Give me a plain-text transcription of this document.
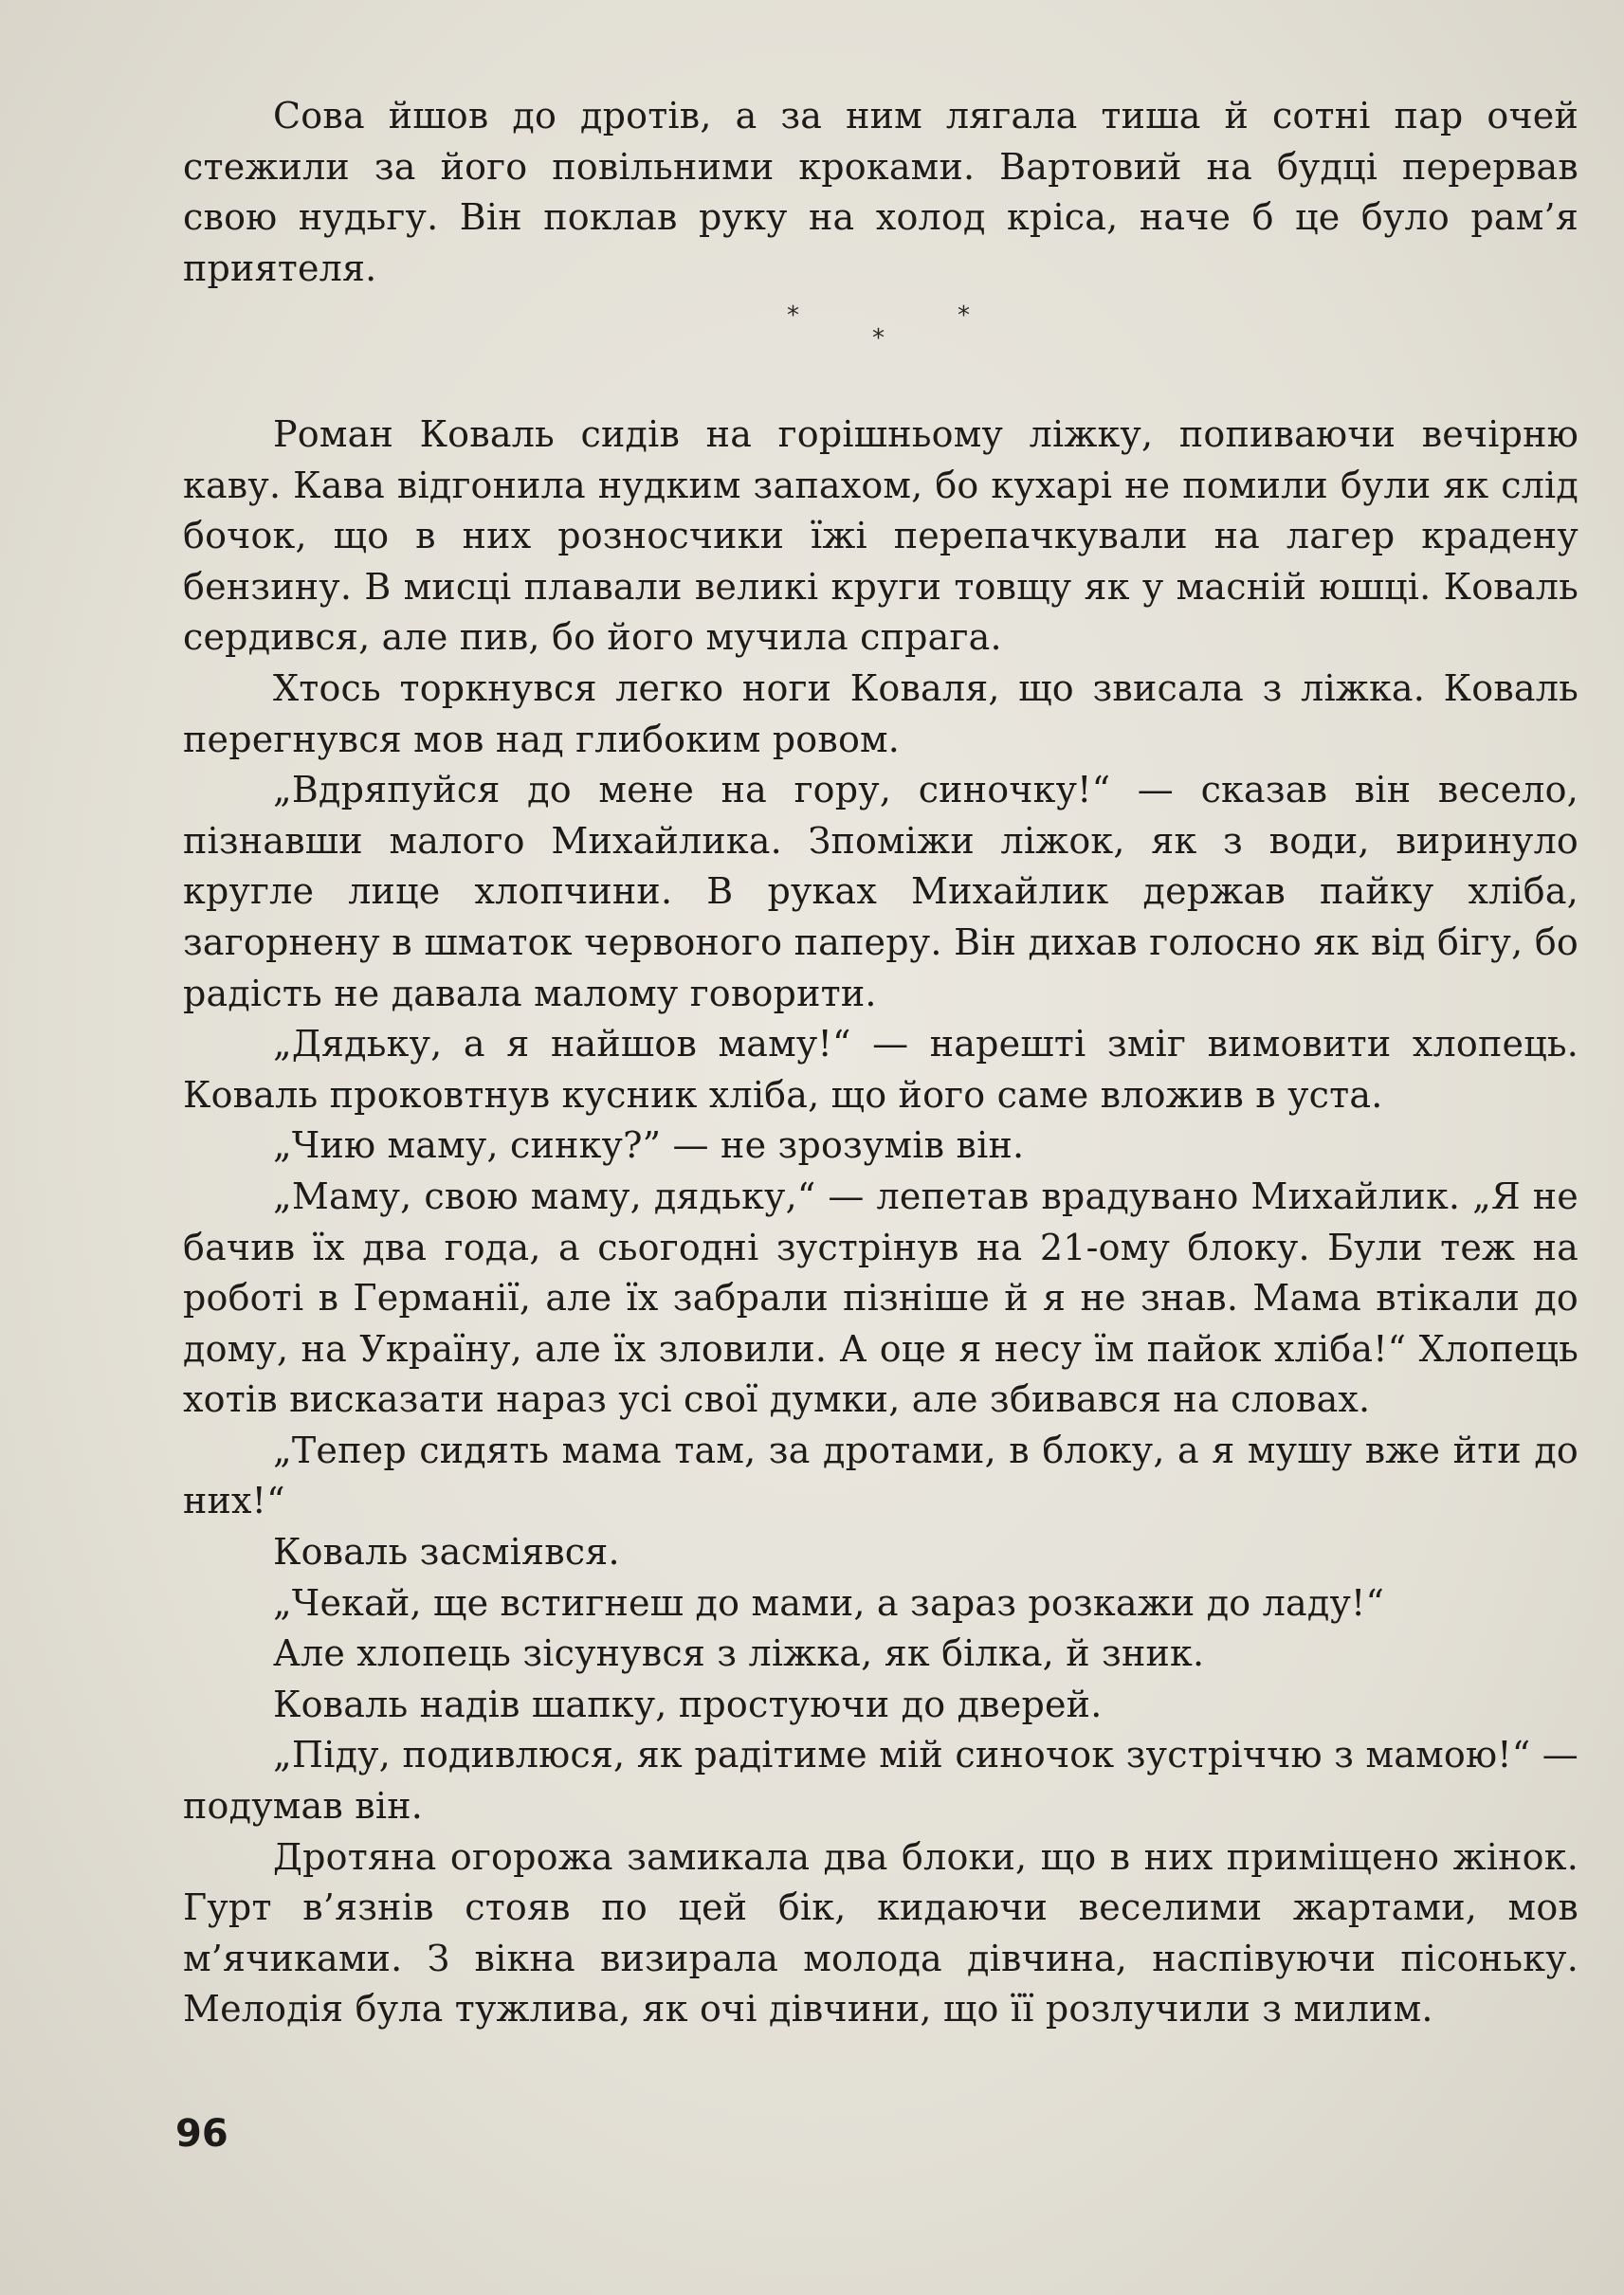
Сова йшов до дротів, а за ним лягала тиша й сотні пар очей стежили за його повільними кроками. Вартовий на будці перервав свою нудьгу. Він поклав руку на холод кріса, наче б це було рам’я приятеля.

*	*
*

Роман Коваль сидів на горішньому ліжку, попиваючи вечірню каву. Кава відгонила нудким запахом, бо кухарі не помили були як слід бочок, що в них розносчики їжі перепачкували на лагер крадену бензину. В мисці плавали великі круги товщу як у масній юшці. Коваль сердився, але пив, бо його мучила спрага.

Хтось торкнувся легко ноги Коваля, що звисала з ліжка. Коваль перегнувся мов над глибоким ровом.

„Вдряпуйся до мене на гору, синочку!“ — сказав він весело, пізнавши малого Михайлика. Зпоміжи ліжок, як з води, виринуло кругле лице хлопчини. В руках Михайлик держав пайку хліба, загорнену в шматок червоного паперу. Він дихав голосно як від бігу, бо радість не давала малому говорити.

„Дядьку, а я найшов маму!“ — нарешті зміг вимовити хлопець. Коваль проковтнув кусник хліба, що його саме вложив в уста.

„Чию маму, синку?” — не зрозумів він.

„Маму, свою маму, дядьку,“ — лепетав врадувано Михайлик. „Я не бачив їх два года, а сьогодні зустрінув на 21-ому блоку. Були теж на роботі в Германії, але їх забрали пізніше й я не знав. Мама втікали до дому, на Україну, але їх зловили. А оце я несу їм пайок хліба!“ Хлопець хотів висказати нараз усі свої думки, але збивався на словах.

„Тепер сидять мама там, за дротами, в блоку, а я мушу вже йти до них!“

Коваль засміявся.

„Чекай, ще встигнеш до мами, а зараз розкажи до ладу!“

Але хлопець зісунувся з ліжка, як білка, й зник.

Коваль надів шапку, простуючи до дверей.

„Піду, подивлюся, як радітиме мій синочок зустріччю з мамою!“ — подумав він.

Дротяна огорожа замикала два блоки, що в них приміщено жінок. Гурт в’язнів стояв по цей бік, кидаючи веселими жартами, мов м’ячиками. З вікна визирала молода дівчина, наспівуючи пісоньку. Мелодія була тужлива, як очі дівчини, що її розлучили з милим.

96
